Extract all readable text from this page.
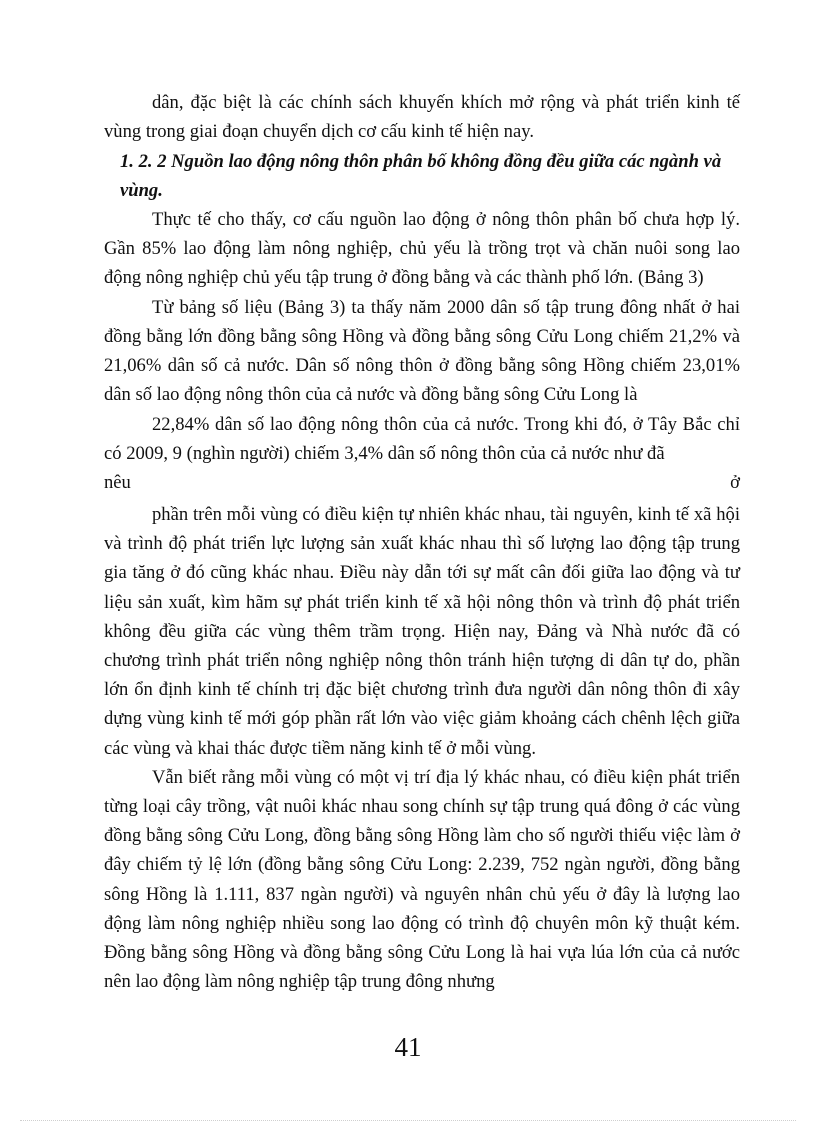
dân, đặc biệt là các chính sách khuyến khích mở rộng và phát triển kinh tế vùng trong giai đoạn chuyển dịch cơ cấu kinh tế hiện nay.

1. 2. 2 Nguồn lao động nông thôn phân bố không đồng đều giữa các ngành và vùng.

Thực tế cho thấy, cơ cấu nguồn lao động ở nông thôn phân bố chưa hợp lý. Gần 85% lao động làm nông nghiệp, chủ yếu là trồng trọt và chăn nuôi song lao động nông nghiệp chủ yếu tập trung ở đồng bằng và các thành phố lớn. (Bảng 3)

Từ bảng số liệu (Bảng 3) ta thấy năm 2000 dân số tập trung đông nhất ở hai đồng bằng lớn đồng bằng sông Hồng và đồng bằng sông Cửu Long chiếm 21,2% và 21,06% dân số cả nước. Dân số nông thôn ở đồng bằng sông Hồng chiếm 23,01% dân số lao động nông thôn của cả nước và đồng bằng sông Cửu Long là

22,84% dân số lao động nông thôn của cả nước. Trong khi đó, ở Tây Bắc chỉ có 2009, 9 (nghìn người) chiếm 3,4% dân số nông thôn của cả nước như đã

nêu	ở

phần trên mỗi vùng có điều kiện tự nhiên khác nhau, tài nguyên, kinh tế xã hội và trình độ phát triển lực lượng sản xuất khác nhau thì số lượng lao động tập trung gia tăng ở đó cũng khác nhau. Điều này dẫn tới sự mất cân đối giữa lao động và tư liệu sản xuất, kìm hãm sự phát triển kinh tế xã hội nông thôn và trình độ phát triển không đều giữa các vùng thêm trầm trọng. Hiện nay, Đảng và Nhà nước đã có chương trình phát triển nông nghiệp nông thôn tránh hiện tượng di dân tự do, phần lớn ổn định kinh tế chính trị đặc biệt chương trình đưa người dân nông thôn đi xây dựng vùng kinh tế mới góp phần rất lớn vào việc giảm khoảng cách chênh lệch giữa các vùng và khai thác được tiềm năng kinh tế ở mỗi vùng.

Vẫn biết rằng mỗi vùng có một vị trí địa lý khác nhau, có điều kiện phát triển từng loại cây trồng, vật nuôi khác nhau song chính sự tập trung quá đông ở các vùng đồng bằng sông Cửu Long, đồng bằng sông Hồng làm cho số người thiếu việc làm ở đây chiếm tỷ lệ lớn (đồng bằng sông Cửu Long: 2.239, 752 ngàn người, đồng bằng sông Hồng là 1.111, 837 ngàn người) và nguyên nhân chủ yếu ở đây là lượng lao động làm nông nghiệp nhiều song lao động có trình độ chuyên môn kỹ thuật kém. Đồng bằng sông Hồng và đồng bằng sông Cửu Long là hai vựa lúa lớn của cả nước nên lao động làm nông nghiệp tập trung đông nhưng

41
